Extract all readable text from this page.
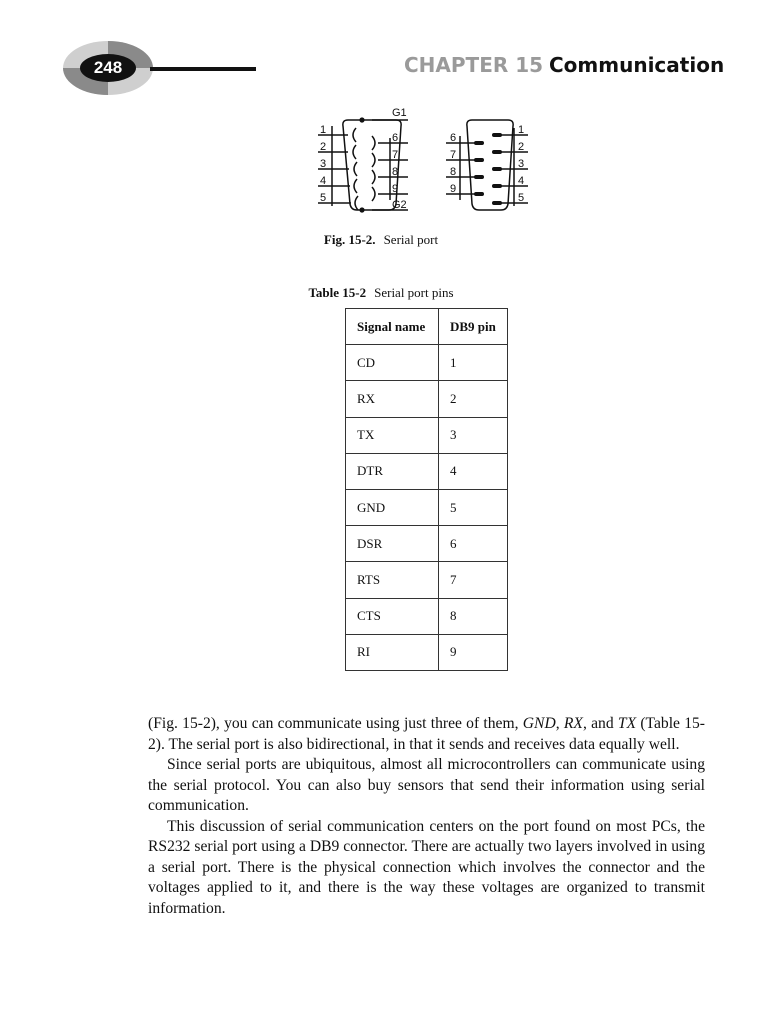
248	CHAPTER 15 Communication
G1
G2
1
2
3
4
5
6
7
8
9
6
7
8
9
1
2
3
4
5
Fig. 15-2. Serial port
Table 15-2 Serial port pins
Signal name	DB9 pin
CD	1
RX	2
TX	3
DTR	4
GND	5
DSR	6
RTS	7
CTS	8
RI	9

(Fig. 15-2), you can communicate using just three of them, GND, RX, and TX (Table 15-2). The serial port is also bidirectional, in that it sends and receives data equally well.

Since serial ports are ubiquitous, almost all microcontrollers can communicate using the serial protocol. You can also buy sensors that send their information using serial communication.

This discussion of serial communication centers on the port found on most PCs, the RS232 serial port using a DB9 connector. There are actually two layers involved in using a serial port. There is the physical connection which involves the connector and the voltages applied to it, and there is the way these voltages are organized to transmit information.
